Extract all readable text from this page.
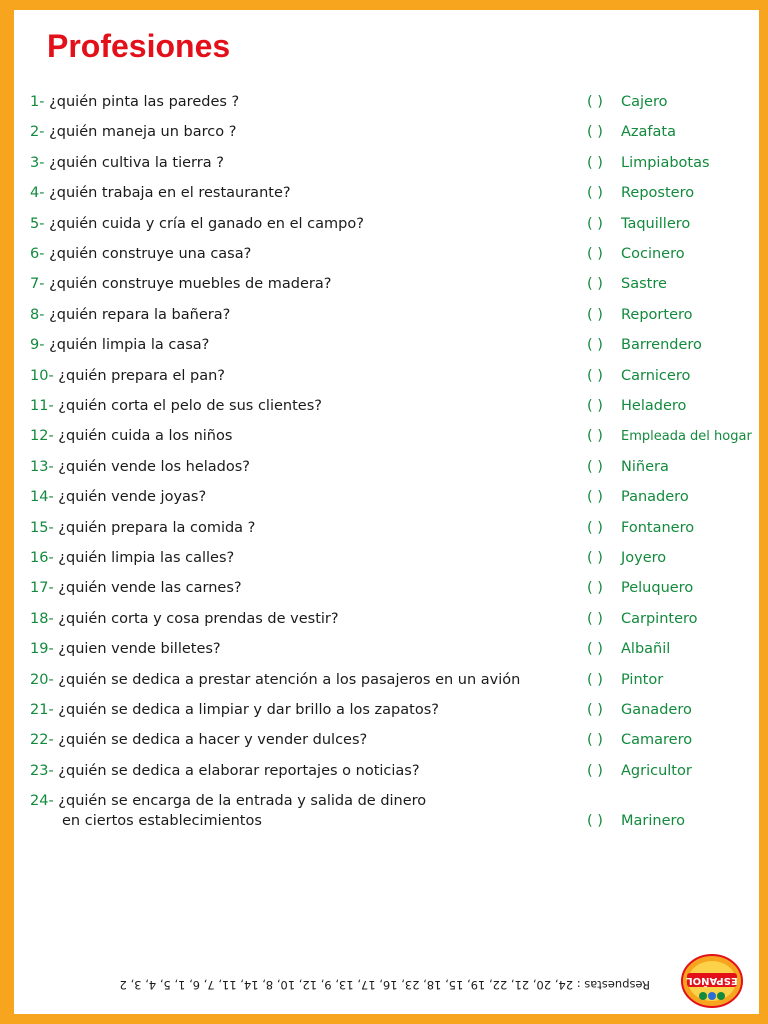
Profesiones
1- ¿quién pinta las paredes ?
2- ¿quién maneja un barco ?
3- ¿quién cultiva la tierra ?
4- ¿quién trabaja en el restaurante?
5- ¿quién cuida y cría el ganado en el campo?
6- ¿quién construye una casa?
7- ¿quién construye muebles de madera?
8- ¿quién repara la bañera?
9- ¿quién limpia la casa?
10- ¿quién prepara el pan?
11- ¿quién corta el pelo de sus clientes?
12- ¿quién cuida a los niños
13- ¿quién vende los helados?
14- ¿quién vende joyas?
15- ¿quién prepara la comida ?
16- ¿quién limpia las calles?
17- ¿quién vende las carnes?
18- ¿quién corta y cosa prendas de vestir?
19- ¿quien vende billetes?
20- ¿quién se dedica a prestar atención a los pasajeros en un avión
21- ¿quién se dedica a limpiar y dar brillo a los zapatos?
22- ¿quién se dedica a hacer y vender dulces?
23- ¿quién se dedica a elaborar reportajes o noticias?
24- ¿quién se encarga de la entrada y salida de dinero
en ciertos establecimientos
( ) Cajero
( ) Azafata
( ) Limpiabotas
( ) Repostero
( ) Taquillero
( ) Cocinero
( ) Sastre
( ) Reportero
( ) Barrendero
( ) Carnicero
( ) Heladero
( ) Empleada del hogar
( ) Niñera
( ) Panadero
( ) Fontanero
( ) Joyero
( ) Peluquero
( ) Carpintero
( ) Albañil
( ) Pintor
( ) Ganadero
( ) Camarero
( ) Agricultor
( ) Marinero
Respuestas : 24, 20, 21, 22, 19, 15, 18, 23, 16, 17, 13, 9, 12, 10, 8, 14, 11, 7, 6, 1, 5, 4, 3, 2	ESPAÑOL
